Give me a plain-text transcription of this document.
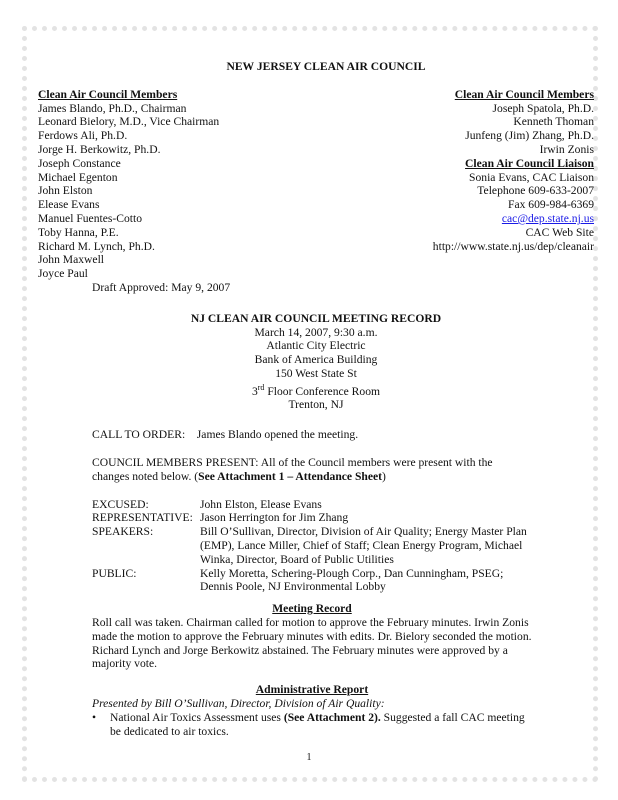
NEW JERSEY CLEAN AIR COUNCIL
Clean Air Council Members
James Blando, Ph.D., Chairman
Leonard Bielory, M.D., Vice Chairman
Ferdows Ali, Ph.D.
Jorge H. Berkowitz, Ph.D.
Joseph Constance
Michael Egenton
John Elston
Elease Evans
Manuel Fuentes-Cotto
Toby Hanna, P.E.
Richard M. Lynch, Ph.D.
John Maxwell
Joyce Paul
Draft Approved: May 9, 2007
Clean Air Council Members
Joseph Spatola, Ph.D.
Kenneth Thoman
Junfeng (Jim) Zhang, Ph.D.
Irwin Zonis
Clean Air Council Liaison
Sonia Evans, CAC Liaison
Telephone 609-633-2007
Fax 609-984-6369
cac@dep.state.nj.us
CAC Web Site
http://www.state.nj.us/dep/cleanair
NJ CLEAN AIR COUNCIL MEETING RECORD
March 14, 2007, 9:30 a.m.
Atlantic City Electric
Bank of America Building
150 West State St
3rd Floor Conference Room
Trenton, NJ
CALL TO ORDER: James Blando opened the meeting.
COUNCIL MEMBERS PRESENT: All of the Council members were present with the changes noted below. (See Attachment 1 – Attendance Sheet)
EXCUSED:	John Elston, Elease Evans
REPRESENTATIVE: Jason Herrington for Jim Zhang
SPEAKERS:	Bill O’Sullivan, Director, Division of Air Quality; Energy Master Plan (EMP), Lance Miller, Chief of Staff; Clean Energy Program, Michael Winka, Director, Board of Public Utilities
PUBLIC:	Kelly Moretta, Schering-Plough Corp., Dan Cunningham, PSEG; Dennis Poole, NJ Environmental Lobby
Meeting Record
Roll call was taken. Chairman called for motion to approve the February minutes. Irwin Zonis made the motion to approve the February minutes with edits. Dr. Bielory seconded the motion. Richard Lynch and Jorge Berkowitz abstained. The February minutes were approved by a majority vote.
Administrative Report
Presented by Bill O’Sullivan, Director, Division of Air Quality:
•	National Air Toxics Assessment uses (See Attachment 2). Suggested a fall CAC meeting be dedicated to air toxics.
1
